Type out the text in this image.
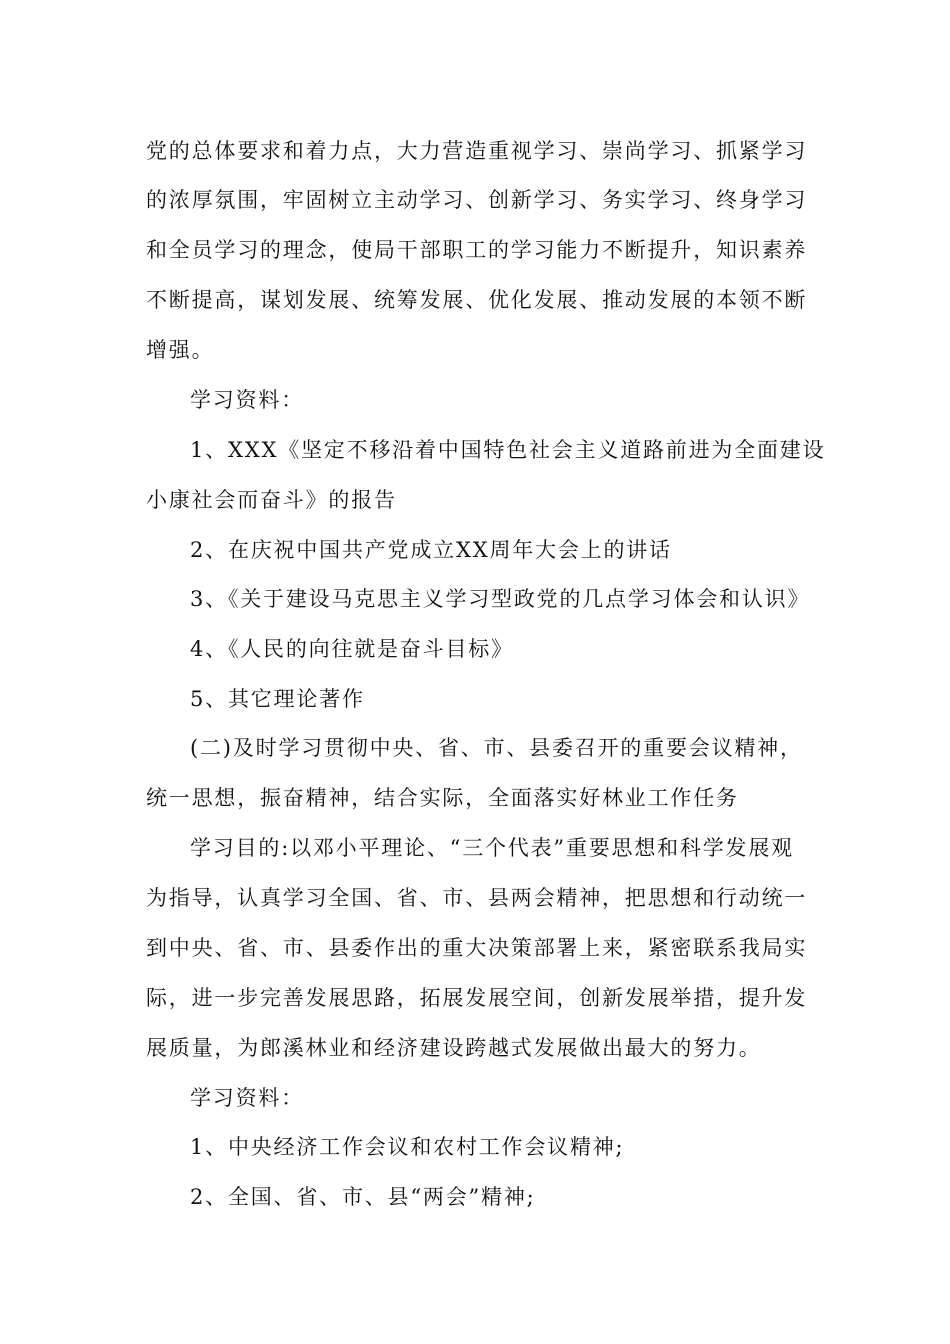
党的总体要求和着力点，大力营造重视学习、崇尚学习、抓紧学习
的浓厚氛围，牢固树立主动学习、创新学习、务实学习、终身学习
和全员学习的理念，使局干部职工的学习能力不断提升，知识素养
不断提高，谋划发展、统筹发展、优化发展、推动发展的本领不断
增强。
学习资料：
1、XXX《坚定不移沿着中国特色社会主义道路前进为全面建设
小康社会而奋斗》的报告
2、在庆祝中国共产党成立XX周年大会上的讲话
3、《关于建设马克思主义学习型政党的几点学习体会和认识》
4、《人民的向往就是奋斗目标》
5、其它理论著作
(二)及时学习贯彻中央、省、市、县委召开的重要会议精神，
统一思想，振奋精神，结合实际，全面落实好林业工作任务
学习目的:以邓小平理论、“三个代表”重要思想和科学发展观
为指导，认真学习全国、省、市、县两会精神，把思想和行动统一
到中央、省、市、县委作出的重大决策部署上来，紧密联系我局实
际，进一步完善发展思路，拓展发展空间，创新发展举措，提升发
展质量，为郎溪林业和经济建设跨越式发展做出最大的努力。
学习资料：
1、中央经济工作会议和农村工作会议精神;
2、全国、省、市、县“两会”精神;
